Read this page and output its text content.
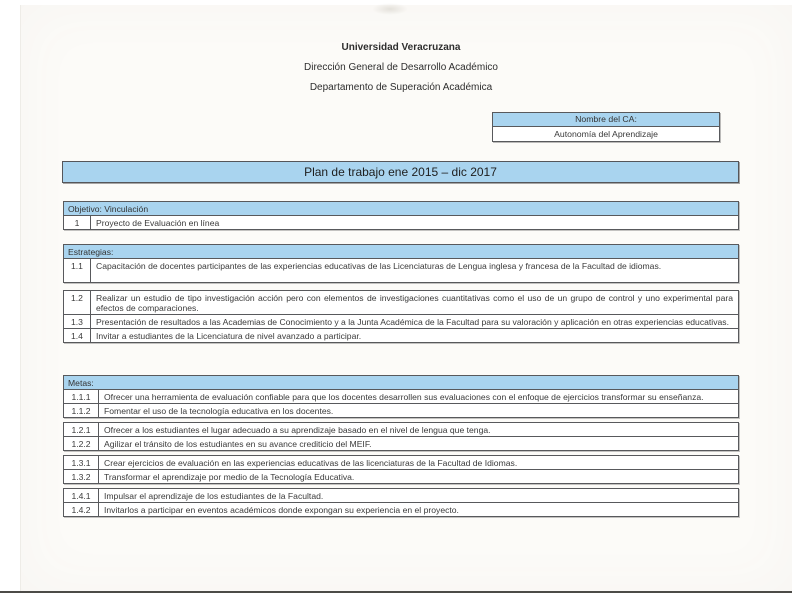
Universidad Veracruzana
Dirección General de Desarrollo Académico
Departamento de Superación Académica
Nombre del CA:
Autonomía del Aprendizaje
Plan de trabajo ene 2015 – dic 2017
Objetivo: Vinculación
1	Proyecto de Evaluación en línea
Estrategias:
1.1	Capacitación de docentes participantes de las experiencias educativas de las Licenciaturas de Lengua inglesa y francesa de la Facultad de idiomas.
1.2	Realizar un estudio de tipo investigación acción pero con elementos de investigaciones cuantitativas como el uso de un grupo de control y uno experimental para efectos de comparaciones.
1.3	Presentación de resultados a las Academias de Conocimiento y a la Junta Académica de la Facultad para su valoración y aplicación en otras experiencias educativas.
1.4	Invitar a estudiantes de la Licenciatura de nivel avanzado a participar.
Metas:
1.1.1	Ofrecer una herramienta de evaluación confiable para que los docentes desarrollen sus evaluaciones con el enfoque de ejercicios transformar su enseñanza.
1.1.2	Fomentar el uso de la tecnología educativa en los docentes.
1.2.1	Ofrecer a los estudiantes el lugar adecuado a su aprendizaje basado en el nivel de lengua que tenga.
1.2.2	Agilizar el tránsito de los estudiantes en su avance crediticio del MEIF.
1.3.1	Crear ejercicios de evaluación en las experiencias educativas de las licenciaturas de la Facultad de Idiomas.
1.3.2	Transformar el aprendizaje por medio de la Tecnología Educativa.
1.4.1	Impulsar el aprendizaje de los estudiantes de la Facultad.
1.4.2	Invitarlos a participar en eventos académicos donde expongan su experiencia en el proyecto.
